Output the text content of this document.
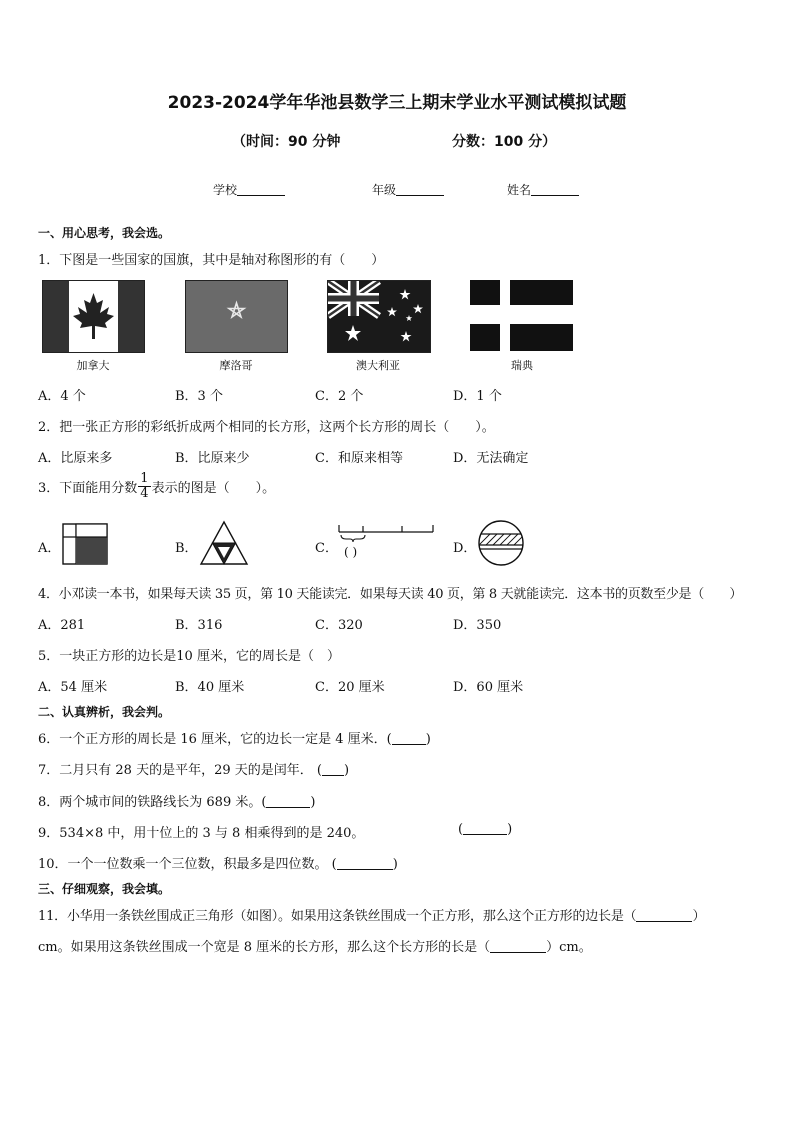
2023-2024学年华池县数学三上期末学业水平测试模拟试题
（时间：90 分钟	分数：100 分）
学校	年级	姓名
一、用心思考，我会选。
1．下图是一些国家的国旗，其中是轴对称图形的有（　　）
加拿大	摩洛哥	澳大利亚	瑞典
A．4 个	B．3 个	C．2 个	D．1 个
2．把一张正方形的彩纸折成两个相同的长方形，这两个长方形的周长（　　）。
A．比原来多	B．比原来少	C．和原来相等	D．无法确定
3．下面能用分数 $\frac{1}{4}$ 表示的图是（　　）。
A．	B．	C． ( )	D．
4．小邓读一本书，如果每天读 35 页，第 10 天能读完．如果每天读 40 页，第 8 天就能读完．这本书的页数至少是（　　）
A．281	B．316	C．320	D．350
5．一块正方形的边长是10 厘米，它的周长是（　）
A．54 厘米	B．40 厘米	C．20 厘米	D．60 厘米
二、认真辨析，我会判。
6．一个正方形的周长是 16 厘米，它的边长一定是 4 厘米．(	)
7．二月只有 28 天的是平年，29 天的是闰年． ( )
8．两个城市间的铁路线长为 689 米。(	)
9．534×8 中，用十位上的 3 与 8 相乘得到的是 240。	(	)
10．一个一位数乘一个三位数，积最多是四位数。 (	)
三、仔细观察，我会填。
11．小华用一条铁丝围成正三角形（如图）。如果用这条铁丝围成一个正方形，那么这个正方形的边长是（	）
cm。如果用这条铁丝围成一个宽是 8 厘米的长方形，那么这个长方形的长是（	）cm。
